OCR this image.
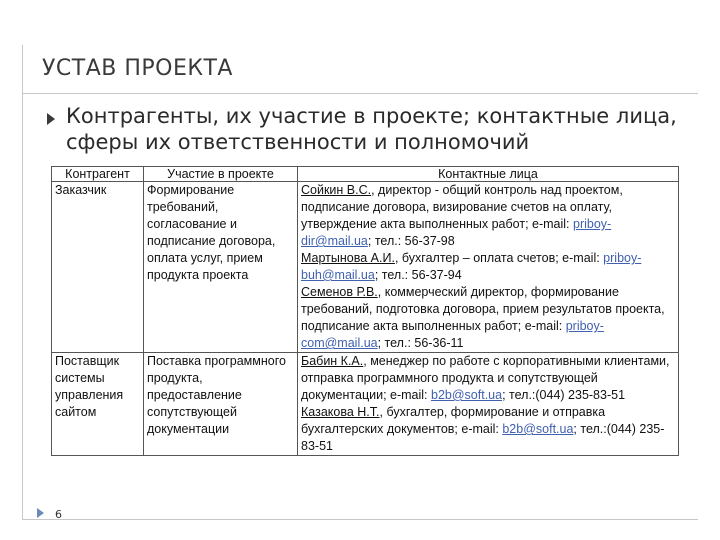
УСТАВ ПРОЕКТА
Контрагенты, их участие в проекте; контактные лица, сферы их ответственности и полномочий
Контрагент	Участие в проекте	Контактные лица
Заказчик	Формирование требований, согласование и подписание договора, оплата услуг, прием продукта проекта	Сойкин В.С., директор - общий контроль над проектом, подписание договора, визирование счетов на оплату, утверждение акта выполненных работ; e-mail: priboy-dir@mail.ua; тел.: 56-37-98
Мартынова А.И., бухгалтер – оплата счетов; e-mail: priboy-buh@mail.ua; тел.: 56-37-94
Семенов Р.В., коммерческий директор, формирование требований, подготовка договора, прием результатов проекта, подписание акта выполненных работ; e-mail: priboy-com@mail.ua; тел.: 56-36-11
Поставщик системы управления сайтом	Поставка программного продукта, предоставление сопутствующей документации	Бабин К.А., менеджер по работе с корпоративными клиентами, отправка программного продукта и сопутствующей документации; e-mail: b2b@soft.ua; тел.:(044) 235-83-51
Казакова Н.Т., бухгалтер, формирование и отправка бухгалтерских документов; e-mail: b2b@soft.ua; тел.:(044) 235-83-51
6
